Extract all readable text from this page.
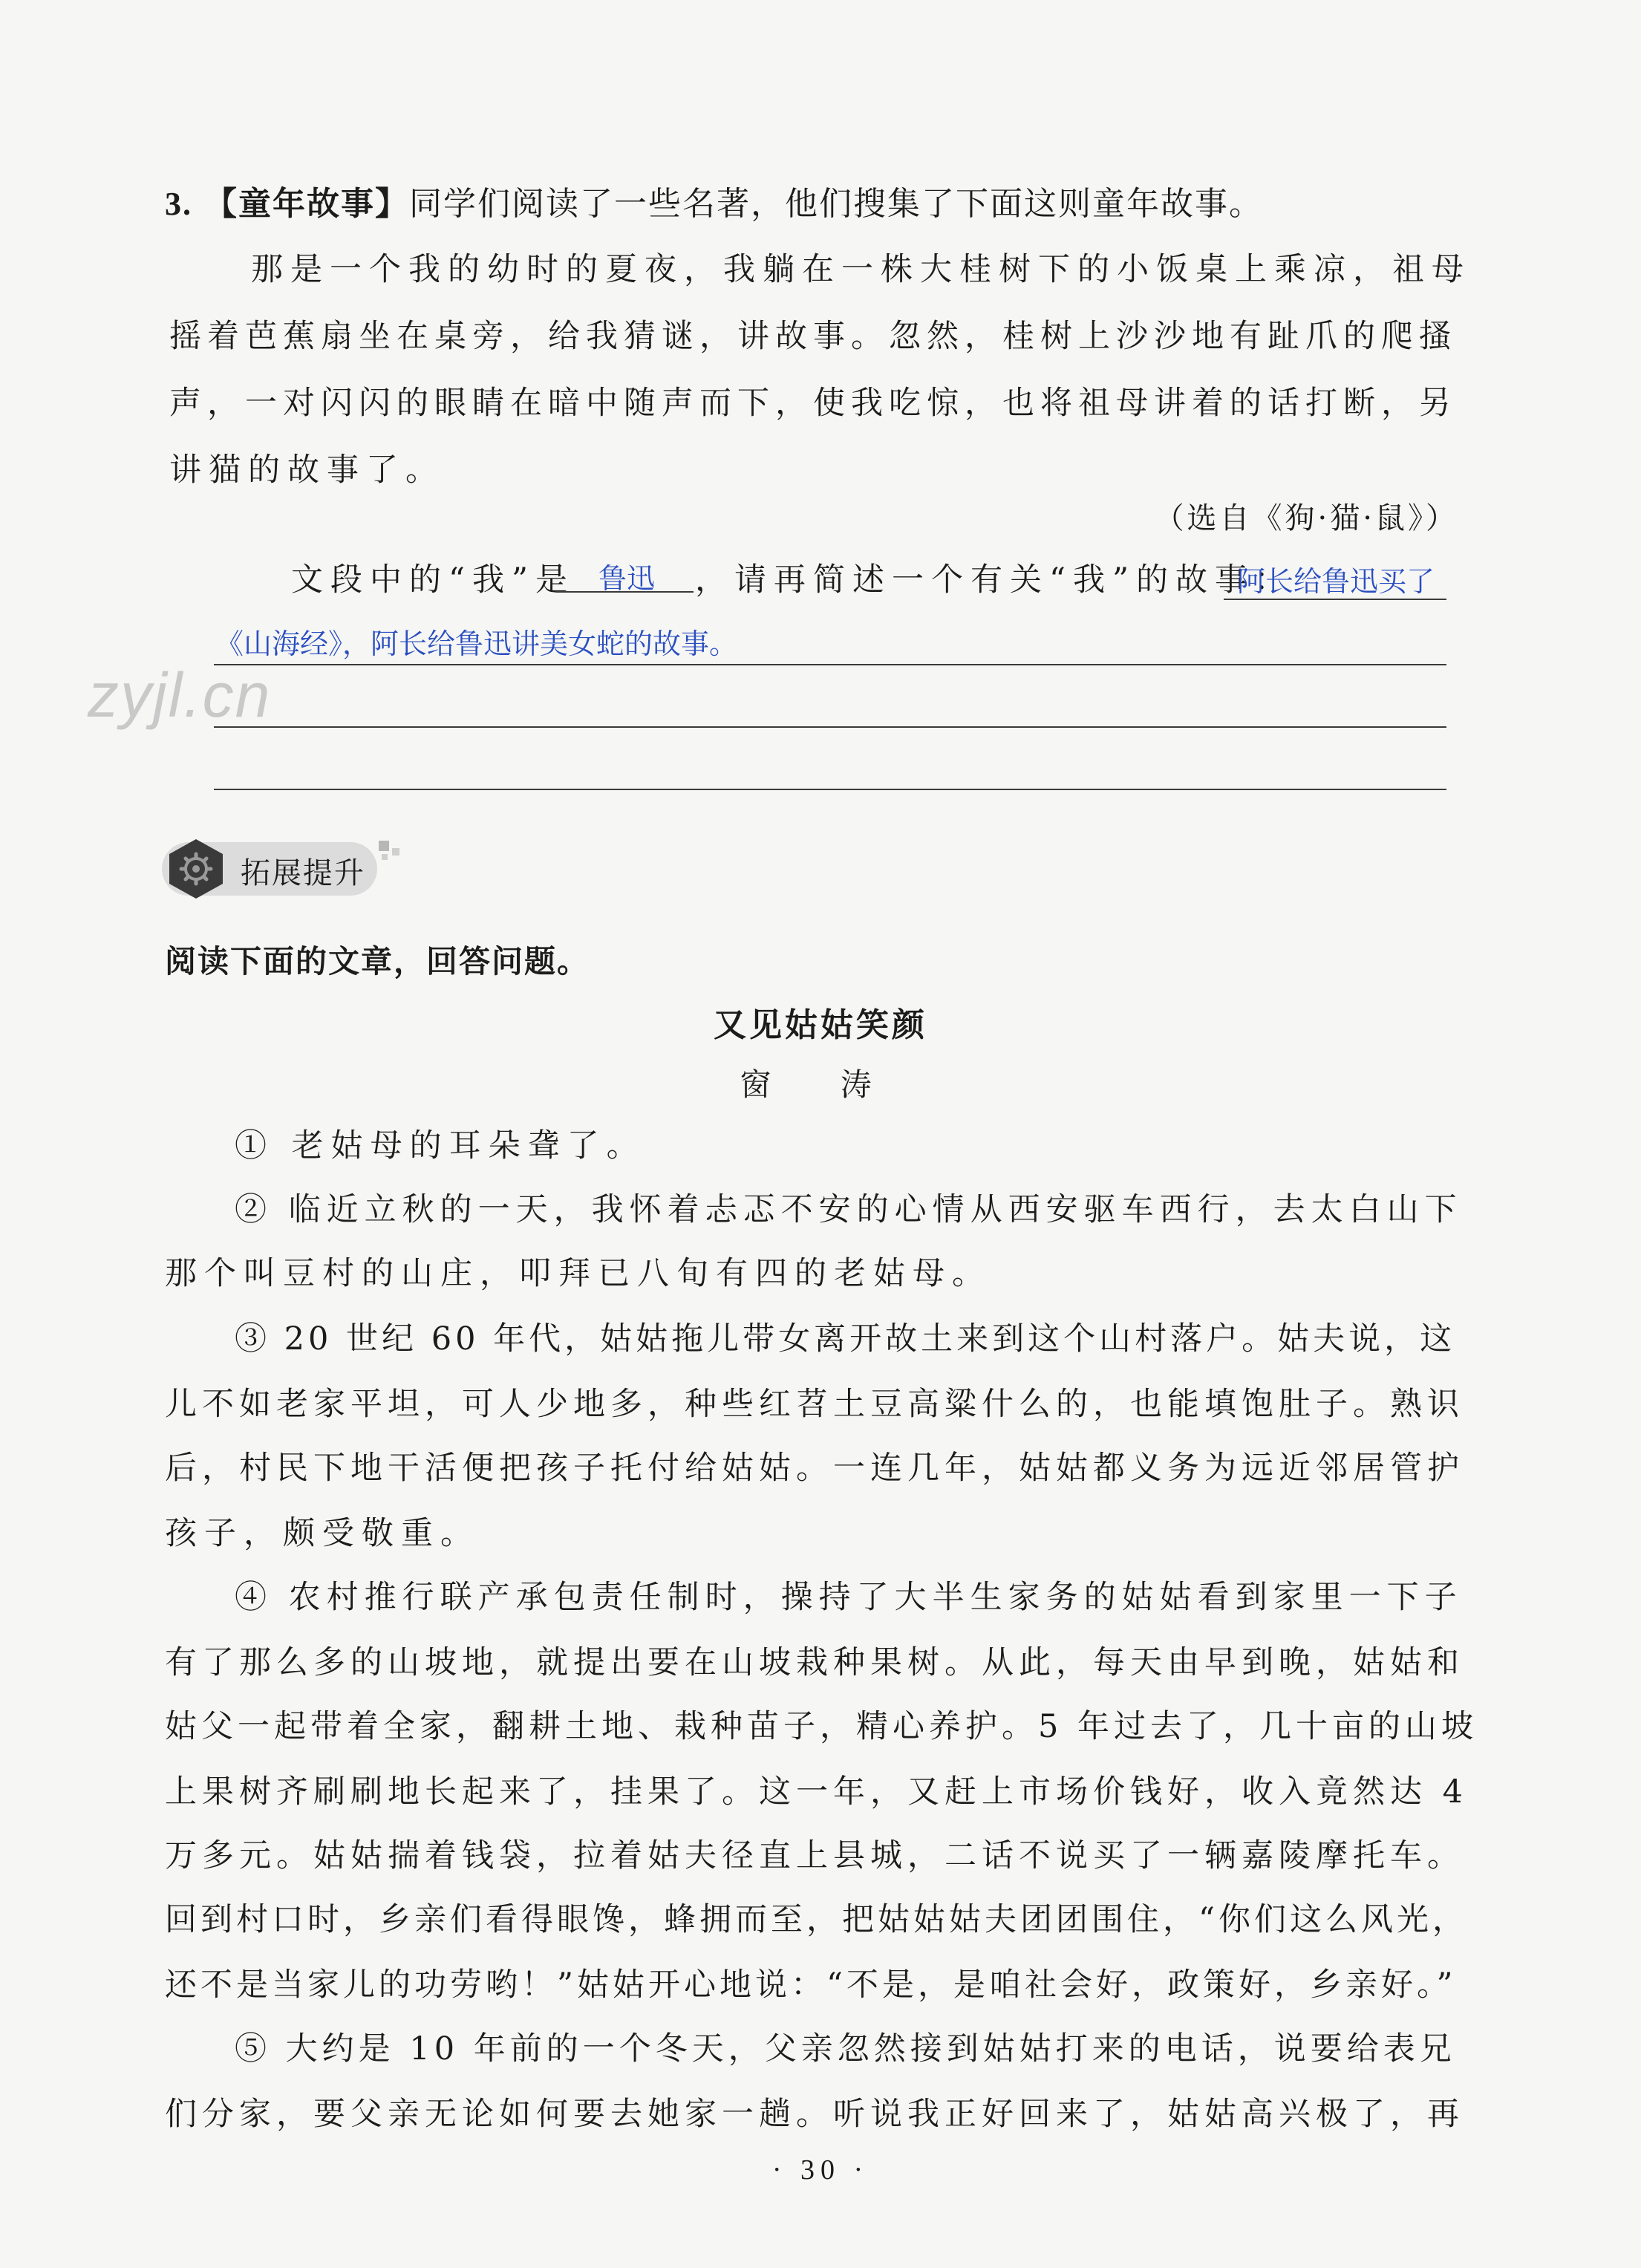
3. 【童年故事】同学们阅读了一些名著，他们搜集了下面这则童年故事。
那是一个我的幼时的夏夜，我躺在一株大桂树下的小饭桌上乘凉，祖母
摇着芭蕉扇坐在桌旁，给我猜谜，讲故事。忽然，桂树上沙沙地有趾爪的爬搔
声，一对闪闪的眼睛在暗中随声而下，使我吃惊，也将祖母讲着的话打断，另
讲猫的故事了。
（选自《狗·猫·鼠》）
文段中的“我”是 鲁迅 ，请再简述一个有关“我”的故事：
阿长给鲁迅买了
《山海经》，阿长给鲁迅讲美女蛇的故事。
zyjl.cn
拓展提升
阅读下面的文章，回答问题。
又见姑姑笑颜
窗 涛
① 老姑母的耳朵聋了。
② 临近立秋的一天，我怀着忐忑不安的心情从西安驱车西行，去太白山下
那个叫豆村的山庄，叩拜已八旬有四的老姑母。
③ 20 世纪 60 年代，姑姑拖儿带女离开故土来到这个山村落户。姑夫说，这
儿不如老家平坦，可人少地多，种些红苕土豆高粱什么的，也能填饱肚子。熟识
后，村民下地干活便把孩子托付给姑姑。一连几年，姑姑都义务为远近邻居管护
孩子，颇受敬重。
④ 农村推行联产承包责任制时，操持了大半生家务的姑姑看到家里一下子
有了那么多的山坡地，就提出要在山坡栽种果树。从此，每天由早到晚，姑姑和
姑父一起带着全家，翻耕土地、栽种苗子，精心养护。5 年过去了，几十亩的山坡
上果树齐刷刷地长起来了，挂果了。这一年，又赶上市场价钱好，收入竟然达 4
万多元。姑姑揣着钱袋，拉着姑夫径直上县城，二话不说买了一辆嘉陵摩托车。
回到村口时，乡亲们看得眼馋，蜂拥而至，把姑姑姑夫团团围住，“你们这么风光，
还不是当家儿的功劳哟！”姑姑开心地说：“不是，是咱社会好，政策好，乡亲好。”
⑤ 大约是 10 年前的一个冬天，父亲忽然接到姑姑打来的电话，说要给表兄
们分家，要父亲无论如何要去她家一趟。听说我正好回来了，姑姑高兴极了，再
· 30 ·
